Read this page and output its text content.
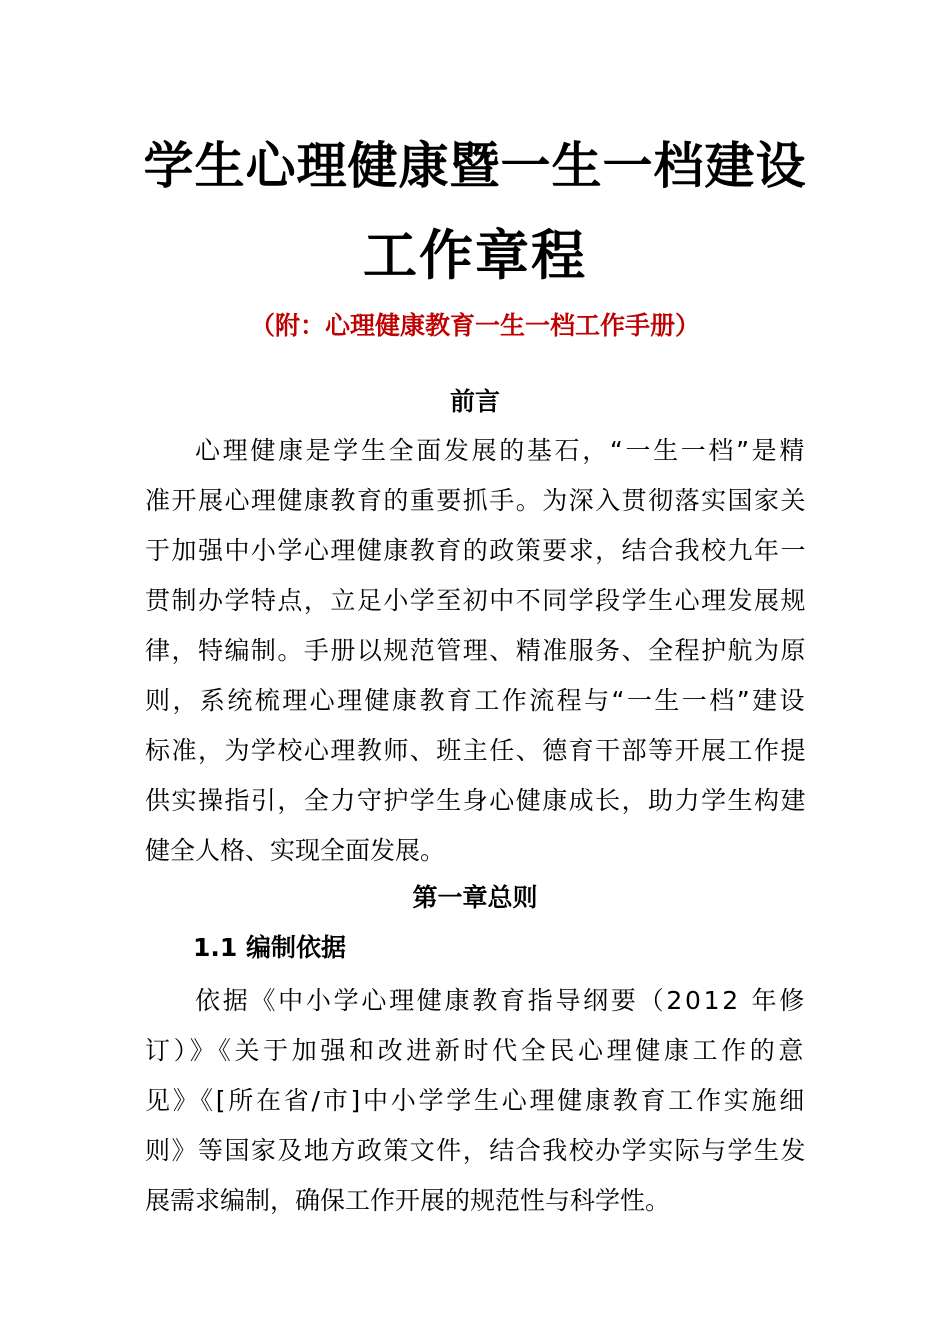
学生心理健康暨一生一档建设
工作章程

（附：心理健康教育一生一档工作手册）

前言
心理健康是学生全面发展的基石，“一生一档”是精
准开展心理健康教育的重要抓手。为深入贯彻落实国家关
于加强中小学心理健康教育的政策要求，结合我校九年一
贯制办学特点，立足小学至初中不同学段学生心理发展规
律，特编制。手册以规范管理、精准服务、全程护航为原
则，系统梳理心理健康教育工作流程与“一生一档”建设
标准，为学校心理教师、班主任、德育干部等开展工作提
供实操指引，全力守护学生身心健康成长，助力学生构建
健全人格、实现全面发展。
第一章总则
1.1 编制依据
依据《中小学心理健康教育指导纲要（2012 年修
订）》《关于加强和改进新时代全民心理健康工作的意
见》《[所在省/市]中小学学生心理健康教育工作实施细
则》等国家及地方政策文件，结合我校办学实际与学生发
展需求编制，确保工作开展的规范性与科学性。
